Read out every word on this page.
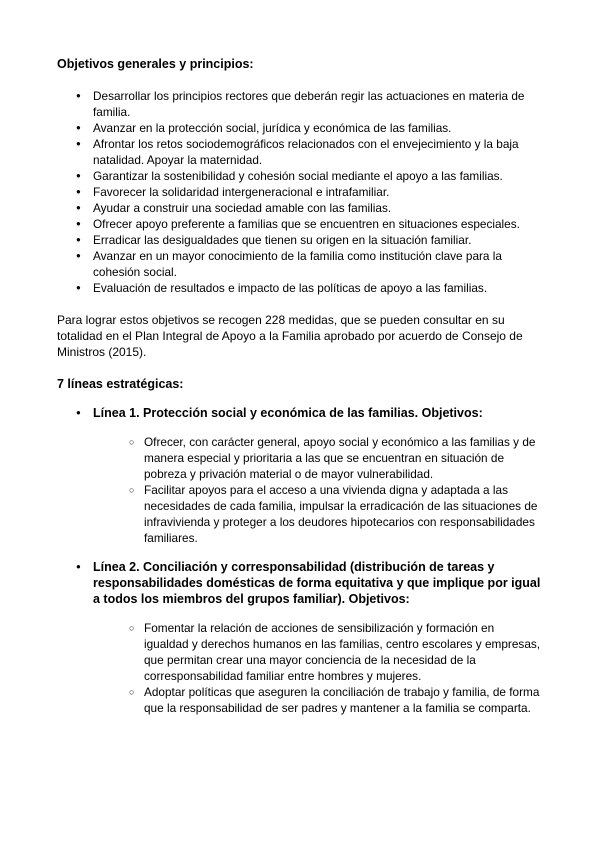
Objetivos generales y principios:

● Desarrollar los principios rectores que deberán regir las actuaciones en materia de familia.
● Avanzar en la protección social, jurídica y económica de las familias.
● Afrontar los retos sociodemográficos relacionados con el envejecimiento y la baja natalidad. Apoyar la maternidad.
● Garantizar la sostenibilidad y cohesión social mediante el apoyo a las familias.
● Favorecer la solidaridad intergeneracional e intrafamiliar.
● Ayudar a construir una sociedad amable con las familias.
● Ofrecer apoyo preferente a familias que se encuentren en situaciones especiales.
● Erradicar las desigualdades que tienen su origen en la situación familiar.
● Avanzar en un mayor conocimiento de la familia como institución clave para la cohesión social.
● Evaluación de resultados e impacto de las políticas de apoyo a las familias.

Para lograr estos objetivos se recogen 228 medidas, que se pueden consultar en su totalidad en el Plan Integral de Apoyo a la Familia aprobado por acuerdo de Consejo de Ministros (2015).

7 líneas estratégicas:

● Línea 1. Protección social y económica de las familias. Objetivos:

○ Ofrecer, con carácter general, apoyo social y económico a las familias y de manera especial y prioritaria a las que se encuentran en situación de pobreza y privación material o de mayor vulnerabilidad.
○ Facilitar apoyos para el acceso a una vivienda digna y adaptada a las necesidades de cada familia, impulsar la erradicación de las situaciones de infravivienda y proteger a los deudores hipotecarios con responsabilidades familiares.

● Línea 2. Conciliación y corresponsabilidad (distribución de tareas y responsabilidades domésticas de forma equitativa y que implique por igual a todos los miembros del grupos familiar). Objetivos:

○ Fomentar la relación de acciones de sensibilización y formación en igualdad y derechos humanos en las familias, centro escolares y empresas, que permitan crear una mayor conciencia de la necesidad de la corresponsabilidad familiar entre hombres y mujeres.
○ Adoptar políticas que aseguren la conciliación de trabajo y familia, de forma que la responsabilidad de ser padres y mantener a la familia se comparta.
